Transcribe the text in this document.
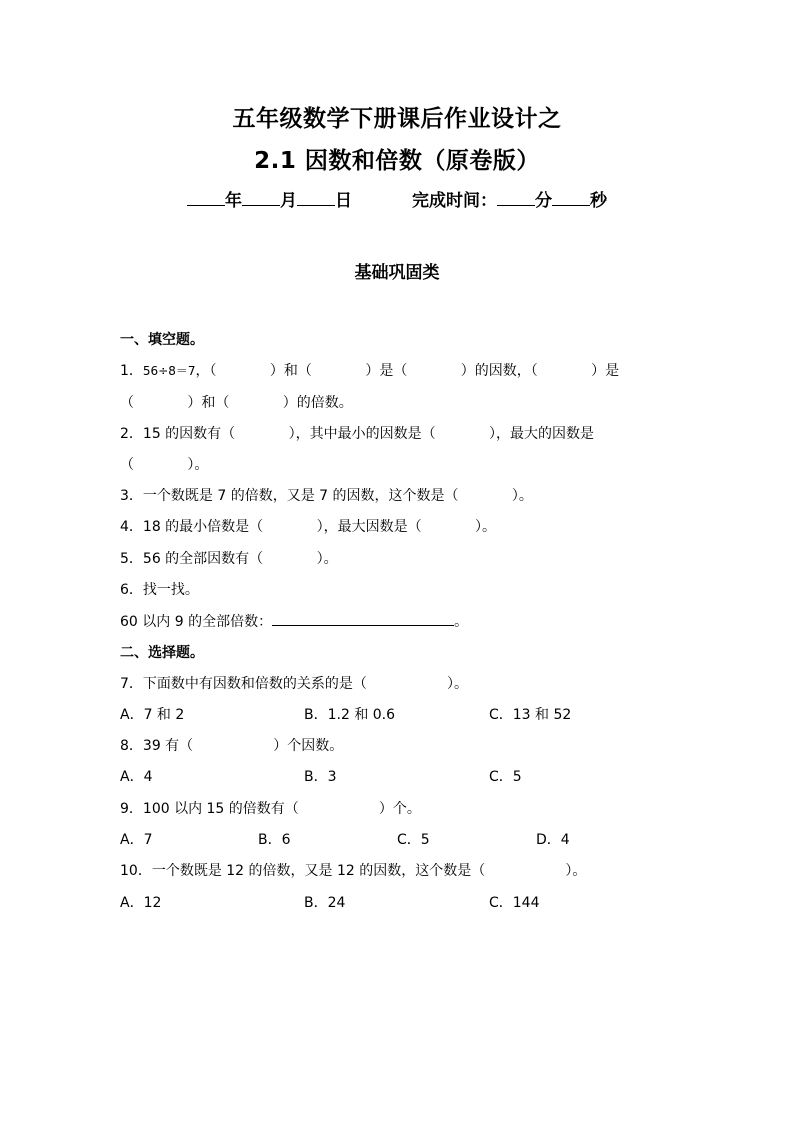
五年级数学下册课后作业设计之
2.1 因数和倍数（原卷版）
年 月 日	完成时间： 分 秒
基础巩固类
一、填空题。
1．56÷8＝7，（            ）和（            ）是（            ）的因数，（            ）是
（            ）和（            ）的倍数。
2．15 的因数有（            ），其中最小的因数是（            ），最大的因数是
（            ）。
3．一个数既是 7 的倍数，又是 7 的因数，这个数是（            ）。
4．18 的最小倍数是（            ），最大因数是（            ）。
5．56 的全部因数有（            ）。
6．找一找。
60 以内 9 的全部倍数：	。
二、选择题。
7．下面数中有因数和倍数的关系的是（                  ）。
A．7 和 2	B．1.2 和 0.6	C．13 和 52
8．39 有（                  ）个因数。
A．4	B．3	C．5
9．100 以内 15 的倍数有（                  ）个。
A．7	B．6	C．5	D．4
10．一个数既是 12 的倍数，又是 12 的因数，这个数是（                  ）。
A．12	B．24	C．144
